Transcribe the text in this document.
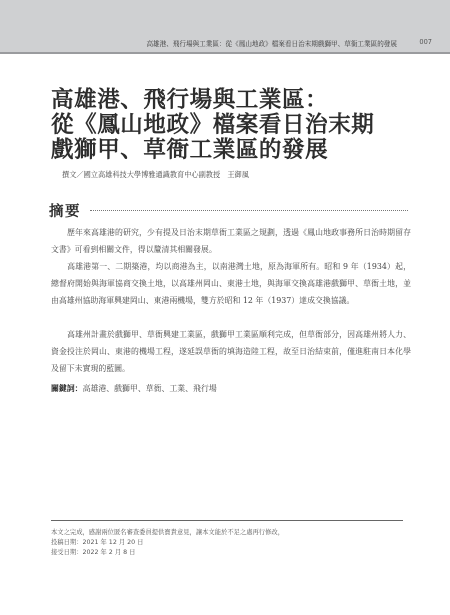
高雄港、飛行場與工業區：從《鳳山地政》檔案看日治末期戲獅甲、草衙工業區的發展	007
高雄港、飛行場與工業區：
從《鳳山地政》檔案看日治末期
戲獅甲、草衙工業區的發展
撰文／國立高雄科技大學博雅通識教育中心副教授　王御風
摘要

　　歷年來高雄港的研究，少有提及日治末期草衙工業區之規劃，透過《鳳山地政事務所日治時期留存文書》可看到相關文件，得以釐清其相關發展。

　　高雄港第一、二期築港，均以商港為主，以南港灣土地，原為海軍所有。昭和 9 年（1934）起，總督府開始與海軍協商交換土地，以高雄州岡山、東港土地，與海軍交換高雄港戲獅甲、草衙土地，並由高雄州協助海軍興建岡山、東港兩機場，雙方於昭和 12 年（1937）達成交換協議。

　　高雄州計畫於戲獅甲、草衙興建工業區，戲獅甲工業區順利完成，但草衙部分，因高雄州將人力、資金投注於岡山、東港的機場工程，遂延誤草衙的填海造陸工程，故至日治結束前，僅進駐南日本化學及留下未實現的藍圖。

關鍵詞：高雄港、戲獅甲、草衙、工業、飛行場
本文之完成，感謝兩位匿名審查委員提供寶貴意見，讓本文能於不足之處再行修改，
投稿日期：2021 年 12 月 20 日
接受日期：2022 年 2 月 8 日
